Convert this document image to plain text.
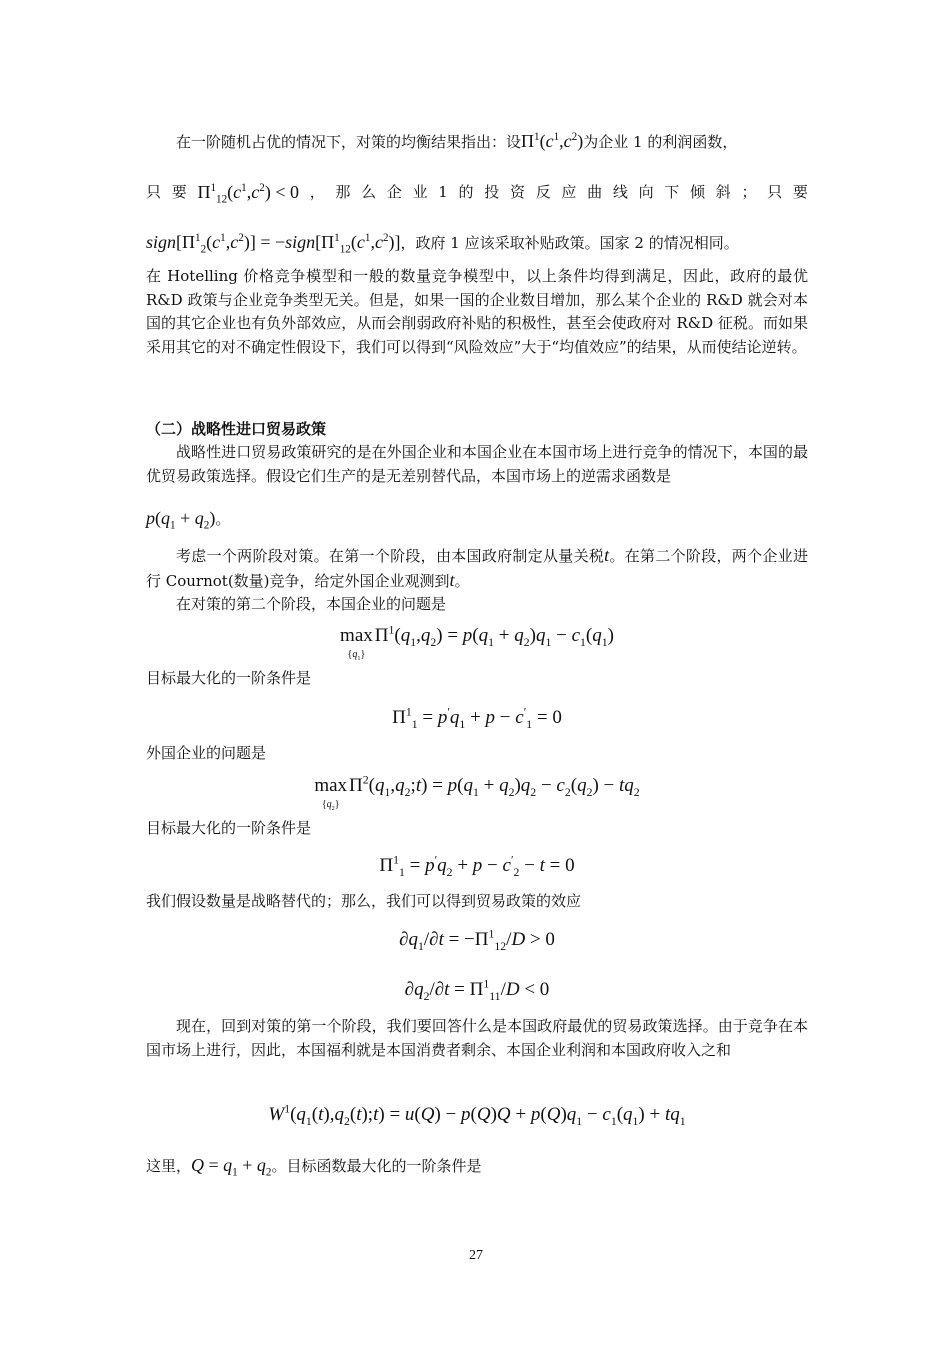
在一阶随机占优的情况下，对策的均衡结果指出：设$\Pi^1(c^1,c^2)$为企业 1 的利润函数，
只 要 $\Pi^1_{12}(c^1,c^2) < 0$ ， 那 么 企 业 1 的 投 资 反 应 曲 线 向 下 倾 斜 ； 只 要
$sign[\Pi^1_2(c^1,c^2)]$ = $-sign[\Pi^1_{12}(c^1,c^2)]$，政府 1 应该采取补贴政策。国家 2 的情况相同。

在 Hotelling 价格竞争模型和一般的数量竞争模型中，以上条件均得到满足，因此，政府的最优 R&D 政策与企业竞争类型无关。但是，如果一国的企业数目增加，那么某个企业的 R&D 就会对本国的其它企业也有负外部效应，从而会削弱政府补贴的积极性，甚至会使政府对 R&D 征税。而如果采用其它的对不确定性假设下，我们可以得到“风险效应”大于“均值效应”的结果，从而使结论逆转。

（二）战略性进口贸易政策

战略性进口贸易政策研究的是在外国企业和本国企业在本国市场上进行竞争的情况下，本国的最优贸易政策选择。假设它们生产的是无差别替代品，本国市场上的逆需求函数是

$p(q_1 + q_2)$。

考虑一个两阶段对策。在第一个阶段，由本国政府制定从量关税t。在第二个阶段，两个企业进行 Cournot(数量)竞争，给定外国企业观测到t。

在对策的第二个阶段，本国企业的问题是
max
$\{q_1\}$
$\Pi^1(q_1,q_2) = p(q_1 + q_2)q_1 - c_1(q_1)$
目标最大化的一阶条件是
$\Pi^1_1 = p'q_1 + p - c'_1 = 0$
外国企业的问题是
max
$\{q_2\}$
$\Pi^2(q_1,q_2;t) = p(q_1 + q_2)q_2 - c_2(q_2) - tq_2$
目标最大化的一阶条件是
$\Pi^1_1 = p'q_2 + p - c'_2 - t = 0$
我们假设数量是战略替代的；那么，我们可以得到贸易政策的效应
$\partial q_1/\partial t = -\Pi^1_{12}/D > 0$
$\partial q_2/\partial t = \Pi^1_{11}/D < 0$

现在，回到对策的第一个阶段，我们要回答什么是本国政府最优的贸易政策选择。由于竞争在本国市场上进行，因此，本国福利就是本国消费者剩余、本国企业利润和本国政府收入之和

$W^1(q_1(t),q_2(t);t) = u(Q) - p(Q)Q + p(Q)q_1 - c_1(q_1) + tq_1$
这里，$Q = q_1 + q_2$。目标函数最大化的一阶条件是
27
